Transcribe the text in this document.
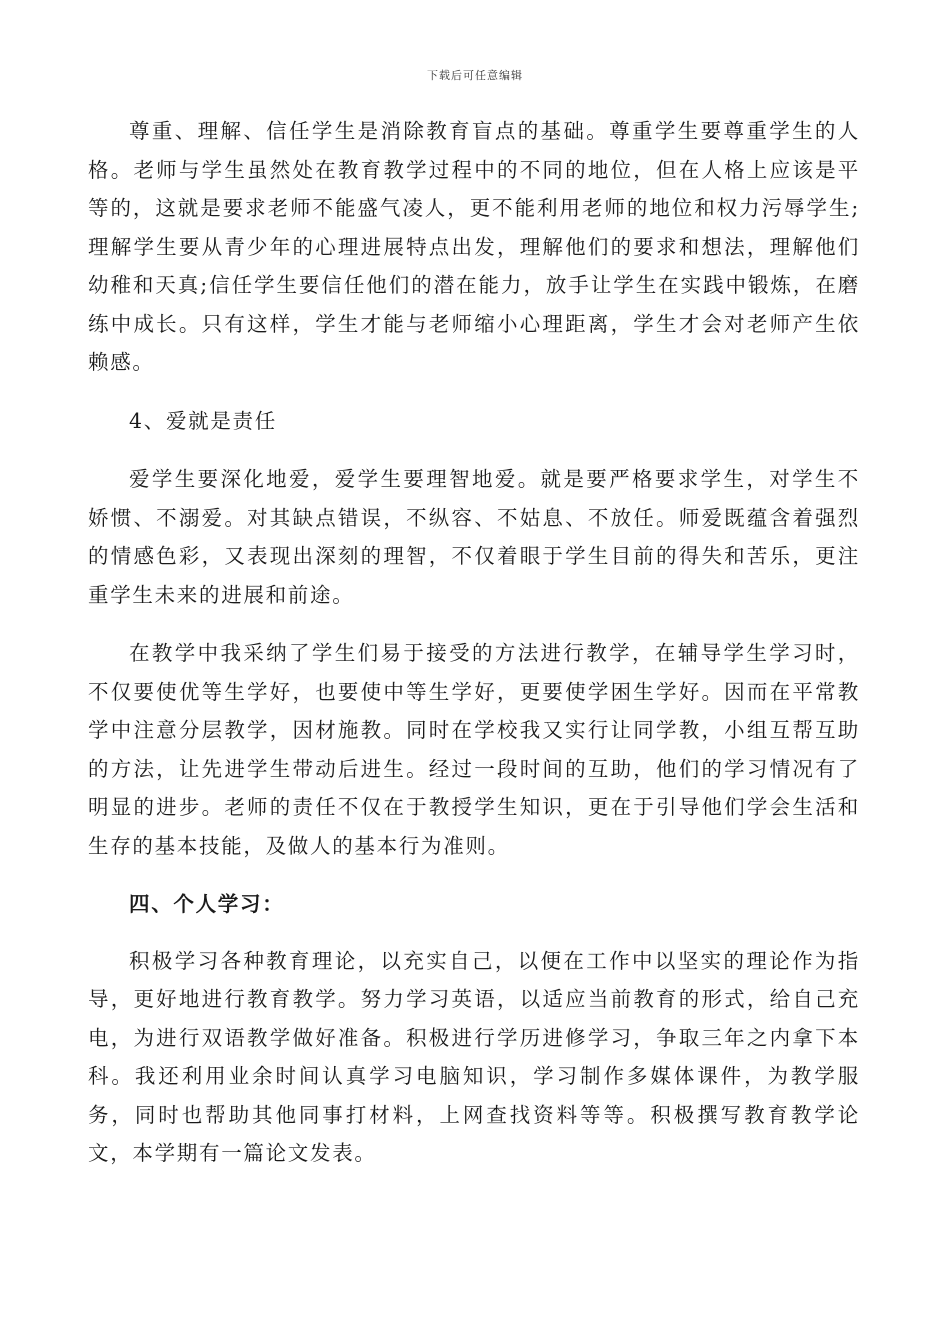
下载后可任意编辑

尊重、理解、信任学生是消除教育盲点的基础。尊重学生要尊重学生的人格。老师与学生虽然处在教育教学过程中的不同的地位，但在人格上应该是平等的，这就是要求老师不能盛气凌人，更不能利用老师的地位和权力污辱学生;理解学生要从青少年的心理进展特点出发，理解他们的要求和想法，理解他们幼稚和天真;信任学生要信任他们的潜在能力，放手让学生在实践中锻炼，在磨练中成长。只有这样，学生才能与老师缩小心理距离，学生才会对老师产生依赖感。

4、爱就是责任

爱学生要深化地爱，爱学生要理智地爱。就是要严格要求学生，对学生不娇惯、不溺爱。对其缺点错误，不纵容、不姑息、不放任。师爱既蕴含着强烈的情感色彩，又表现出深刻的理智，不仅着眼于学生目前的得失和苦乐，更注重学生未来的进展和前途。

在教学中我采纳了学生们易于接受的方法进行教学，在辅导学生学习时，不仅要使优等生学好，也要使中等生学好，更要使学困生学好。因而在平常教学中注意分层教学，因材施教。同时在学校我又实行让同学教，小组互帮互助的方法，让先进学生带动后进生。经过一段时间的互助，他们的学习情况有了明显的进步。老师的责任不仅在于教授学生知识，更在于引导他们学会生活和生存的基本技能，及做人的基本行为准则。

四、个人学习：

积极学习各种教育理论，以充实自己，以便在工作中以坚实的理论作为指导，更好地进行教育教学。努力学习英语，以适应当前教育的形式，给自己充电，为进行双语教学做好准备。积极进行学历进修学习，争取三年之内拿下本科。我还利用业余时间认真学习电脑知识，学习制作多媒体课件，为教学服务，同时也帮助其他同事打材料，上网查找资料等等。积极撰写教育教学论文，本学期有一篇论文发表。
